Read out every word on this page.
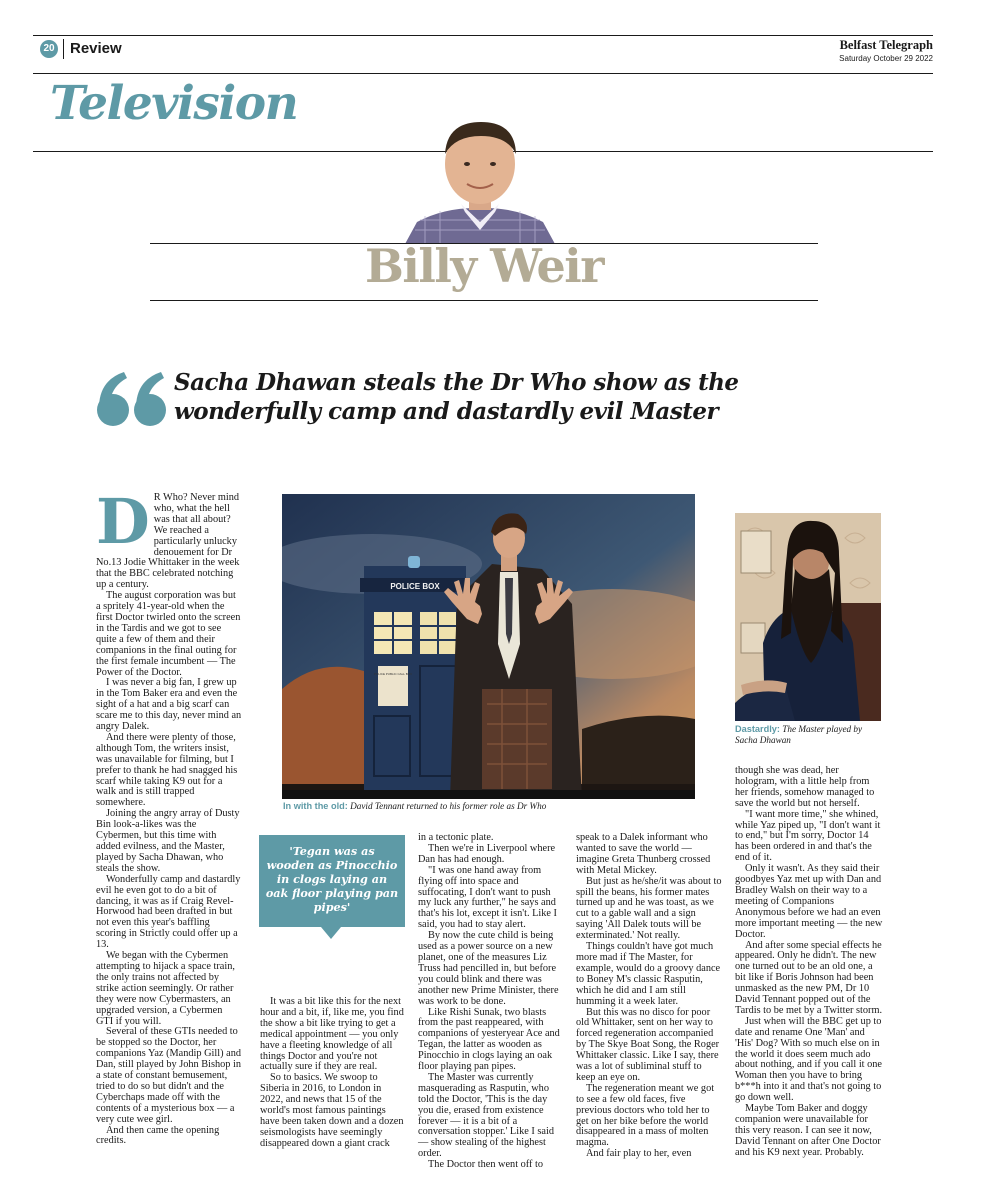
20 Review	Belfast Telegraph
Saturday October 29 2022
Television
Billy Weir
Sacha Dhawan steals the Dr Who show as the wonderfully camp and dastardly evil Master
POLICE BOX
POLICE PUBLIC CALL BOX
In with the old: David Tennant returned to his former role as Dr Who
Dastardly: The Master played by Sacha Dhawan
D R Who? Never mind who, what the hell was that all about? We reached a particularly unlucky denouement for Dr No.13 Jodie Whittaker in the week that the BBC celebrated notching up a century.

The august corporation was but a spritely 41-year-old when the first Doctor twirled onto the screen in the Tardis and we got to see quite a few of them and their companions in the final outing for the first female incumbent — The Power of the Doctor.

I was never a big fan, I grew up in the Tom Baker era and even the sight of a hat and a big scarf can scare me to this day, never mind an angry Dalek.

And there were plenty of those, although Tom, the writers insist, was unavailable for filming, but I prefer to thank he had snagged his scarf while taking K9 out for a walk and is still trapped somewhere.

Joining the angry array of Dusty Bin look-a-likes was the Cybermen, but this time with added evilness, and the Master, played by Sacha Dhawan, who steals the show.

Wonderfully camp and dastardly evil he even got to do a bit of dancing, it was as if Craig Revel-Horwood had been drafted in but not even this year's baffling scoring in Strictly could offer up a 13.

We began with the Cybermen attempting to hijack a space train, the only trains not affected by strike action seemingly. Or rather they were now Cybermasters, an upgraded version, a Cybermen GTI if you will.

Several of these GTIs needed to be stopped so the Doctor, her companions Yaz (Mandip Gill) and Dan, still played by John Bishop in a state of constant bemusement, tried to do so but didn't and the Cyberchaps made off with the contents of a mysterious box — a very cute wee girl.

And then came the opening credits.

'Tegan was as wooden as Pinocchio in clogs laying an oak floor playing pan pipes'

It was a bit like this for the next hour and a bit, if, like me, you find the show a bit like trying to get a medical appointment — you only have a fleeting knowledge of all things Doctor and you're not actually sure if they are real.

So to basics. We swoop to Siberia in 2016, to London in 2022, and news that 15 of the world's most famous paintings have been taken down and a dozen seismologists have seemingly disappeared down a giant crack

in a tectonic plate.

Then we're in Liverpool where Dan has had enough.

"I was one hand away from flying off into space and suffocating, I don't want to push my luck any further," he says and that's his lot, except it isn't. Like I said, you had to stay alert.

By now the cute child is being used as a power source on a new planet, one of the measures Liz Truss had pencilled in, but before you could blink and there was another new Prime Minister, there was work to be done.

Like Rishi Sunak, two blasts from the past reappeared, with companions of yesteryear Ace and Tegan, the latter as wooden as Pinocchio in clogs laying an oak floor playing pan pipes.

The Master was currently masquerading as Rasputin, who told the Doctor, 'This is the day you die, erased from existence forever — it is a bit of a conversation stopper.' Like I said — show stealing of the highest order.

The Doctor then went off to

speak to a Dalek informant who wanted to save the world — imagine Greta Thunberg crossed with Metal Mickey.

But just as he/she/it was about to spill the beans, his former mates turned up and he was toast, as we cut to a gable wall and a sign saying 'All Dalek touts will be exterminated.' Not really.

Things couldn't have got much more mad if The Master, for example, would do a groovy dance to Boney M's classic Rasputin, which he did and I am still humming it a week later.

But this was no disco for poor old Whittaker, sent on her way to forced regeneration accompanied by The Skye Boat Song, the Roger Whittaker classic. Like I say, there was a lot of subliminal stuff to keep an eye on.

The regeneration meant we got to see a few old faces, five previous doctors who told her to get on her bike before the world disappeared in a mass of molten magma.

And fair play to her, even

though she was dead, her hologram, with a little help from her friends, somehow managed to save the world but not herself.

"I want more time," she whined, while Yaz piped up, "I don't want it to end," but I'm sorry, Doctor 14 has been ordered in and that's the end of it.

Only it wasn't. As they said their goodbyes Yaz met up with Dan and Bradley Walsh on their way to a meeting of Companions Anonymous before we had an even more important meeting — the new Doctor.

And after some special effects he appeared. Only he didn't. The new one turned out to be an old one, a bit like if Boris Johnson had been unmasked as the new PM, Dr 10 David Tennant popped out of the Tardis to be met by a Twitter storm.

Just when will the BBC get up to date and rename One 'Man' and 'His' Dog? With so much else on in the world it does seem much ado about nothing, and if you call it one Woman then you have to bring b***h into it and that's not going to go down well.

Maybe Tom Baker and doggy companion were unavailable for this very reason. I can see it now, David Tennant on after One Doctor and his K9 next year. Probably.
